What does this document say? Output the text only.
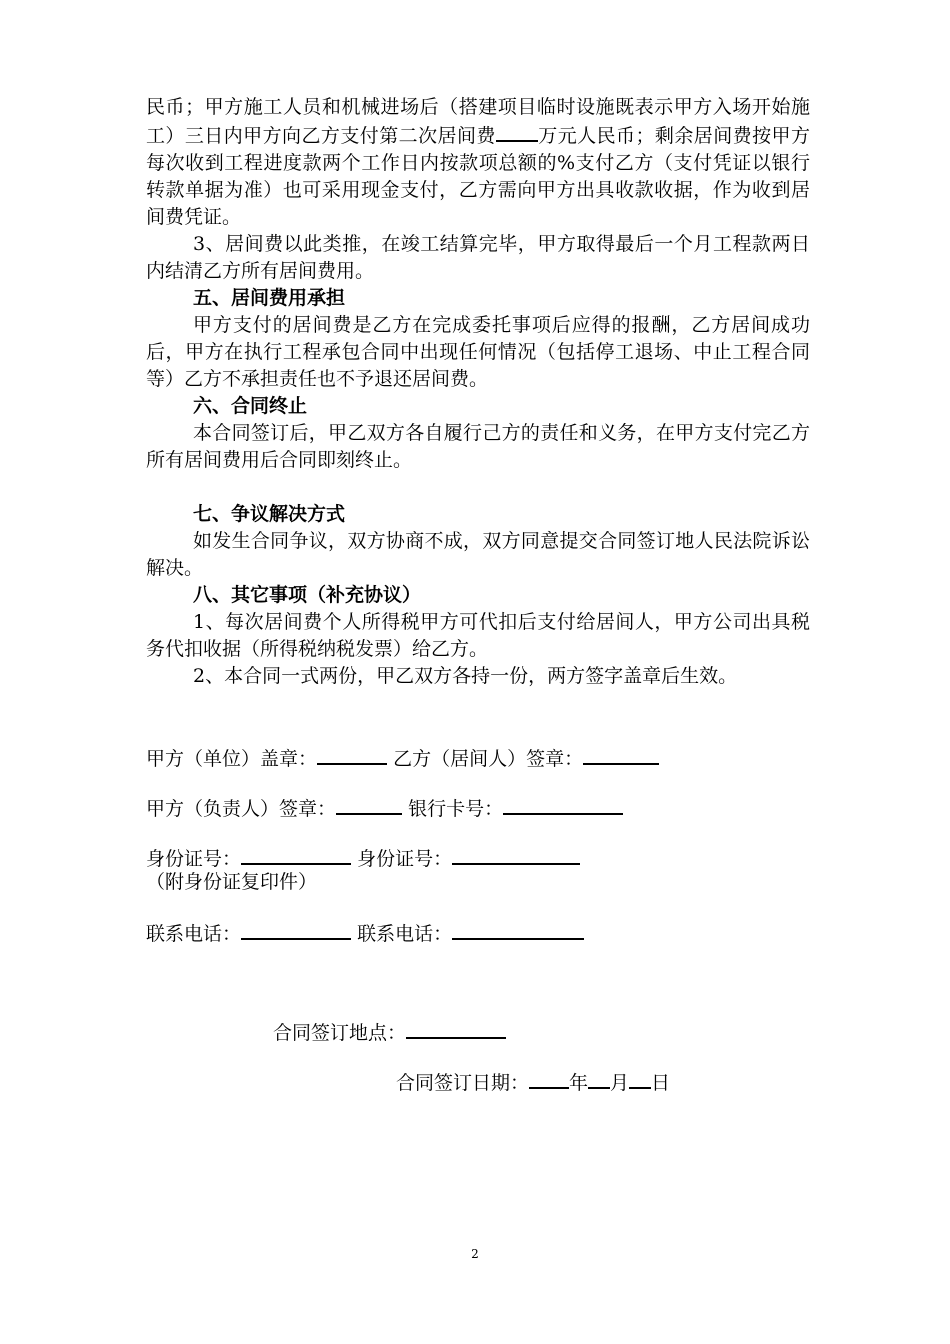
民币；甲方施工人员和机械进场后（搭建项目临时设施既表示甲方入场开始施工）三日内甲方向乙方支付第二次居间费 万元人民币；剩余居间费按甲方每次收到工程进度款两个工作日内按款项总额的%支付乙方（支付凭证以银行转款单据为准）也可采用现金支付，乙方需向甲方出具收款收据，作为收到居间费凭证。

3、居间费以此类推，在竣工结算完毕，甲方取得最后一个月工程款两日内结清乙方所有居间费用。

五、居间费用承担

甲方支付的居间费是乙方在完成委托事项后应得的报酬，乙方居间成功后，甲方在执行工程承包合同中出现任何情况（包括停工退场、中止工程合同等）乙方不承担责任也不予退还居间费。

六、合同终止

本合同签订后，甲乙双方各自履行己方的责任和义务，在甲方支付完乙方所有居间费用后合同即刻终止。

七、争议解决方式

如发生合同争议，双方协商不成，双方同意提交合同签订地人民法院诉讼解决。

八、其它事项（补充协议）

1、每次居间费个人所得税甲方可代扣后支付给居间人，甲方公司出具税务代扣收据（所得税纳税发票）给乙方。

2、本合同一式两份，甲乙双方各持一份，两方签字盖章后生效。

甲方（单位）盖章：	乙方（居间人）签章：
甲方（负责人）签章：	银行卡号：
身份证号：	身份证号：
（附身份证复印件）
联系电话：	联系电话：
合同签订地点：
合同签订日期： 年 月 日
2
